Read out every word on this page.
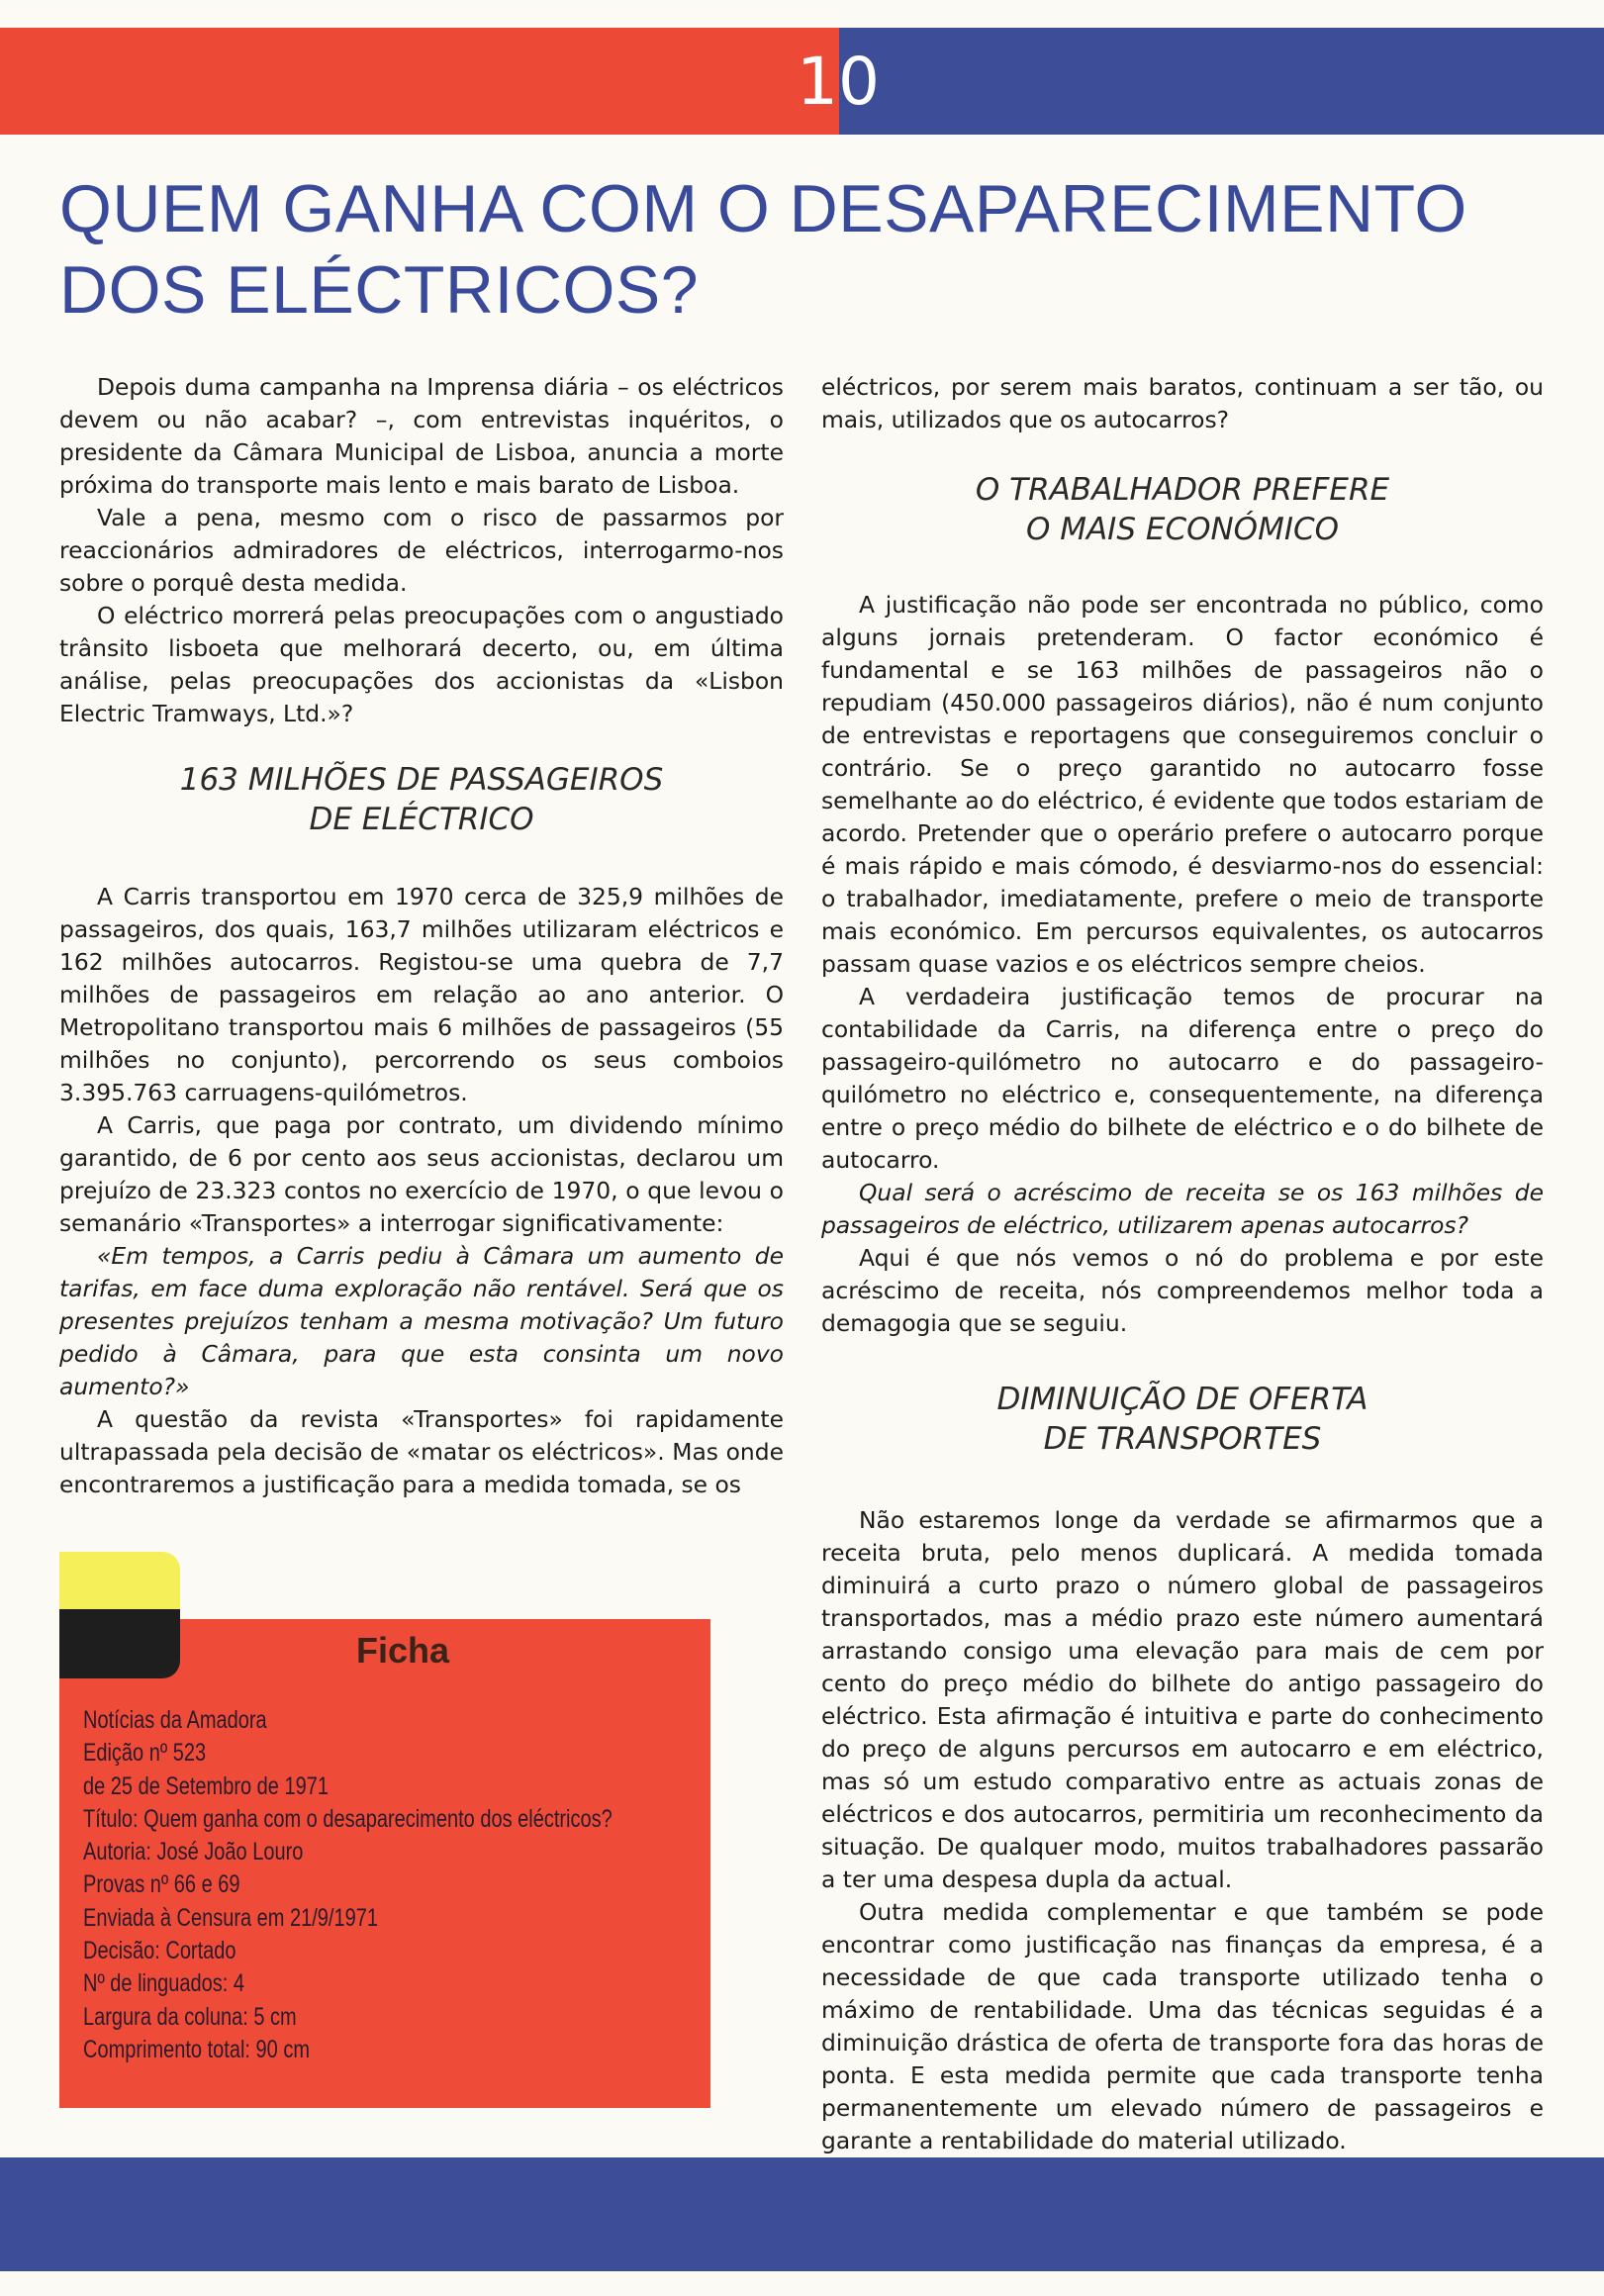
10
QUEM GANHA COM O DESAPARECIMENTO
DOS ELÉCTRICOS?

Depois duma campanha na Imprensa diária – os eléctricos devem ou não acabar? –, com entrevistas inquéritos, o presidente da Câmara Municipal de Lisboa, anuncia a morte próxima do transporte mais lento e mais barato de Lisboa.

Vale a pena, mesmo com o risco de passarmos por reaccionários admiradores de eléctricos, interrogarmo-nos sobre o porquê desta medida.

O eléctrico morrerá pelas preocupações com o angustiado trânsito lisboeta que melhorará decerto, ou, em última análise, pelas preocupações dos accionistas da «Lisbon Electric Tramways, Ltd.»?

163 MILHÕES DE PASSAGEIROS
DE ELÉCTRICO

A Carris transportou em 1970 cerca de 325,9 milhões de passageiros, dos quais, 163,7 milhões utilizaram eléctricos e 162 milhões autocarros. Registou-se uma quebra de 7,7 milhões de passageiros em relação ao ano anterior. O Metropolitano transportou mais 6 milhões de passageiros (55 milhões no conjunto), percorrendo os seus comboios 3.395.763 carruagens-quilómetros.

A Carris, que paga por contrato, um dividendo mínimo garantido, de 6 por cento aos seus accionistas, declarou um prejuízo de 23.323 contos no exercício de 1970, o que levou o semanário «Transportes» a interrogar significativamente:

«Em tempos, a Carris pediu à Câmara um aumento de tarifas, em face duma exploração não rentável. Será que os presentes prejuízos tenham a mesma motivação? Um futuro pedido à Câmara, para que esta consinta um novo aumento?»

A questão da revista «Transportes» foi rapidamente ultrapassada pela decisão de «matar os eléctricos». Mas onde encontraremos a justificação para a medida tomada, se os

eléctricos, por serem mais baratos, continuam a ser tão, ou mais, utilizados que os autocarros?

O TRABALHADOR PREFERE
O MAIS ECONÓMICO

A justificação não pode ser encontrada no público, como alguns jornais pretenderam. O factor económico é fundamental e se 163 milhões de passageiros não o repudiam (450.000 passageiros diários), não é num conjunto de entrevistas e reportagens que conseguiremos concluir o contrário. Se o preço garantido no autocarro fosse semelhante ao do eléctrico, é evidente que todos estariam de acordo. Pretender que o operário prefere o autocarro porque é mais rápido e mais cómodo, é desviarmo-nos do essencial: o trabalhador, imediatamente, prefere o meio de transporte mais económico. Em percursos equivalentes, os autocarros passam quase vazios e os eléctricos sempre cheios.

A verdadeira justificação temos de procurar na contabilidade da Carris, na diferença entre o preço do passageiro-quilómetro no autocarro e do passageiro-quilómetro no eléctrico e, consequentemente, na diferença entre o preço médio do bilhete de eléctrico e o do bilhete de autocarro.

Qual será o acréscimo de receita se os 163 milhões de passageiros de eléctrico, utilizarem apenas autocarros?

Aqui é que nós vemos o nó do problema e por este acréscimo de receita, nós compreendemos melhor toda a demagogia que se seguiu.

DIMINUIÇÃO DE OFERTA
DE TRANSPORTES

Não estaremos longe da verdade se afirmarmos que a receita bruta, pelo menos duplicará. A medida tomada diminuirá a curto prazo o número global de passageiros transportados, mas a médio prazo este número aumentará arrastando consigo uma elevação para mais de cem por cento do preço médio do bilhete do antigo passageiro do eléctrico. Esta afirmação é intuitiva e parte do conhecimento do preço de alguns percursos em autocarro e em eléctrico, mas só um estudo comparativo entre as actuais zonas de eléctricos e dos autocarros, permitiria um reconhecimento da situação. De qualquer modo, muitos trabalhadores passarão a ter uma despesa dupla da actual.

Outra medida complementar e que também se pode encontrar como justificação nas finanças da empresa, é a necessidade de que cada transporte utilizado tenha o máximo de rentabilidade. Uma das técnicas seguidas é a diminuição drástica de oferta de transporte fora das horas de ponta. E esta medida permite que cada transporte tenha permanentemente um elevado número de passageiros e garante a rentabilidade do material utilizado.

Ficha
Notícias da Amadora
Edição nº 523
de 25 de Setembro de 1971
Título: Quem ganha com o desaparecimento dos eléctricos?
Autoria: José João Louro
Provas nº 66 e 69
Enviada à Censura em 21/9/1971
Decisão: Cortado
Nº de linguados: 4
Largura da coluna: 5 cm
Comprimento total: 90 cm
